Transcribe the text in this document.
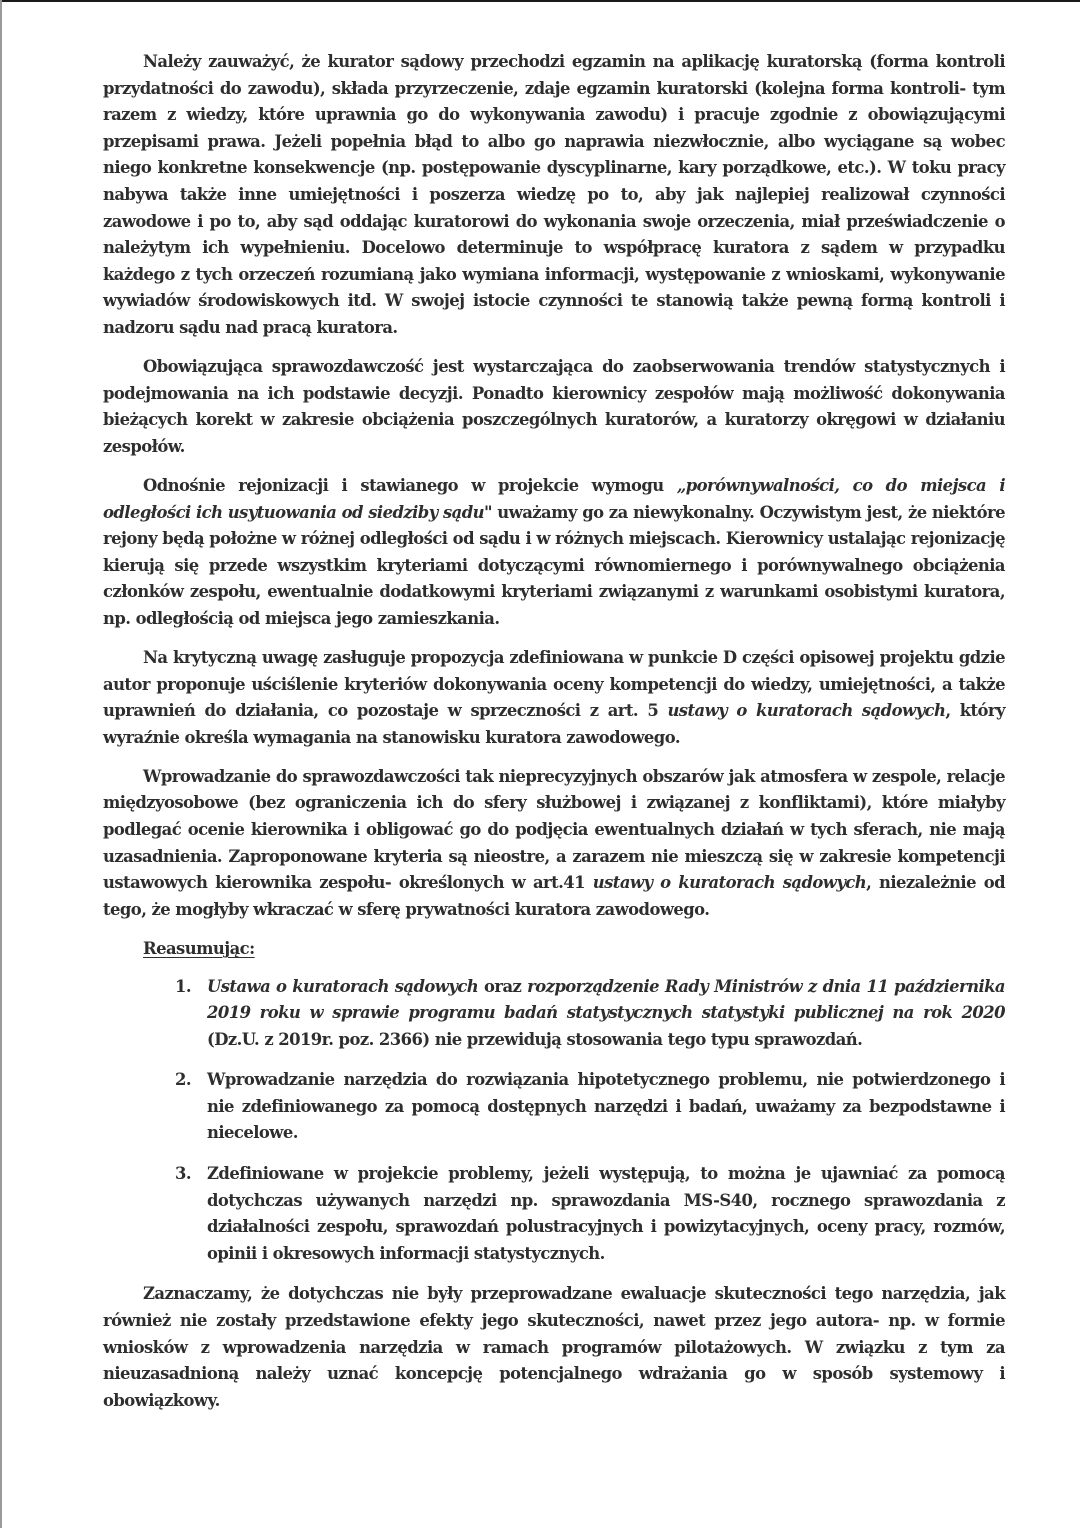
Należy zauważyć, że kurator sądowy przechodzi egzamin na aplikację kuratorską (forma kontroli przydatności do zawodu), składa przyrzeczenie, zdaje egzamin kuratorski (kolejna forma kontroli- tym razem z wiedzy, które uprawnia go do wykonywania zawodu) i pracuje zgodnie z obowiązującymi przepisami prawa. Jeżeli popełnia błąd to albo go naprawia niezwłocznie, albo wyciągane są wobec niego konkretne konsekwencje (np. postępowanie dyscyplinarne, kary porządkowe, etc.). W toku pracy nabywa także inne umiejętności i poszerza wiedzę po to, aby jak najlepiej realizował czynności zawodowe i po to, aby sąd oddając kuratorowi do wykonania swoje orzeczenia, miał przeświadczenie o należytym ich wypełnieniu. Docelowo determinuje to współpracę kuratora z sądem w przypadku każdego z tych orzeczeń rozumianą jako wymiana informacji, występowanie z wnioskami, wykonywanie wywiadów środowiskowych itd. W swojej istocie czynności te stanowią także pewną formą kontroli i nadzoru sądu nad pracą kuratora.

Obowiązująca sprawozdawczość jest wystarczająca do zaobserwowania trendów statystycznych i podejmowania na ich podstawie decyzji. Ponadto kierownicy zespołów mają możliwość dokonywania bieżących korekt w zakresie obciążenia poszczególnych kuratorów, a kuratorzy okręgowi w działaniu zespołów.

Odnośnie rejonizacji i stawianego w projekcie wymogu „porównywalności, co do miejsca i odległości ich usytuowania od siedziby sądu" uważamy go za niewykonalny. Oczywistym jest, że niektóre rejony będą położne w różnej odległości od sądu i w różnych miejscach. Kierownicy ustalając rejonizację kierują się przede wszystkim kryteriami dotyczącymi równomiernego i porównywalnego obciążenia członków zespołu, ewentualnie dodatkowymi kryteriami związanymi z warunkami osobistymi kuratora, np. odległością od miejsca jego zamieszkania.

Na krytyczną uwagę zasługuje propozycja zdefiniowana w punkcie D części opisowej projektu gdzie autor proponuje uściślenie kryteriów dokonywania oceny kompetencji do wiedzy, umiejętności, a także uprawnień do działania, co pozostaje w sprzeczności z art. 5 ustawy o kuratorach sądowych, który wyraźnie określa wymagania na stanowisku kuratora zawodowego.

Wprowadzanie do sprawozdawczości tak nieprecyzyjnych obszarów jak atmosfera w zespole, relacje międzyosobowe (bez ograniczenia ich do sfery służbowej i związanej z konfliktami), które miałyby podlegać ocenie kierownika i obligować go do podjęcia ewentualnych działań w tych sferach, nie mają uzasadnienia. Zaproponowane kryteria są nieostre, a zarazem nie mieszczą się w zakresie kompetencji ustawowych kierownika zespołu- określonych w art.41 ustawy o kuratorach sądowych, niezależnie od tego, że mogłyby wkraczać w sferę prywatności kuratora zawodowego.

Reasumując:
1. Ustawa o kuratorach sądowych oraz rozporządzenie Rady Ministrów z dnia 11 października 2019 roku w sprawie programu badań statystycznych statystyki publicznej na rok 2020 (Dz.U. z 2019r. poz. 2366) nie przewidują stosowania tego typu sprawozdań.
2. Wprowadzanie narzędzia do rozwiązania hipotetycznego problemu, nie potwierdzonego i nie zdefiniowanego za pomocą dostępnych narzędzi i badań, uważamy za bezpodstawne i niecelowe.
3. Zdefiniowane w projekcie problemy, jeżeli występują, to można je ujawniać za pomocą dotychczas używanych narzędzi np. sprawozdania MS-S40, rocznego sprawozdania z działalności zespołu, sprawozdań polustracyjnych i powizytacyjnych, oceny pracy, rozmów, opinii i okresowych informacji statystycznych.

Zaznaczamy, że dotychczas nie były przeprowadzane ewaluacje skuteczności tego narzędzia, jak również nie zostały przedstawione efekty jego skuteczności, nawet przez jego autora- np. w formie wniosków z wprowadzenia narzędzia w ramach programów pilotażowych. W związku z tym za nieuzasadnioną należy uznać koncepcję potencjalnego wdrażania go w sposób systemowy i obowiązkowy.
